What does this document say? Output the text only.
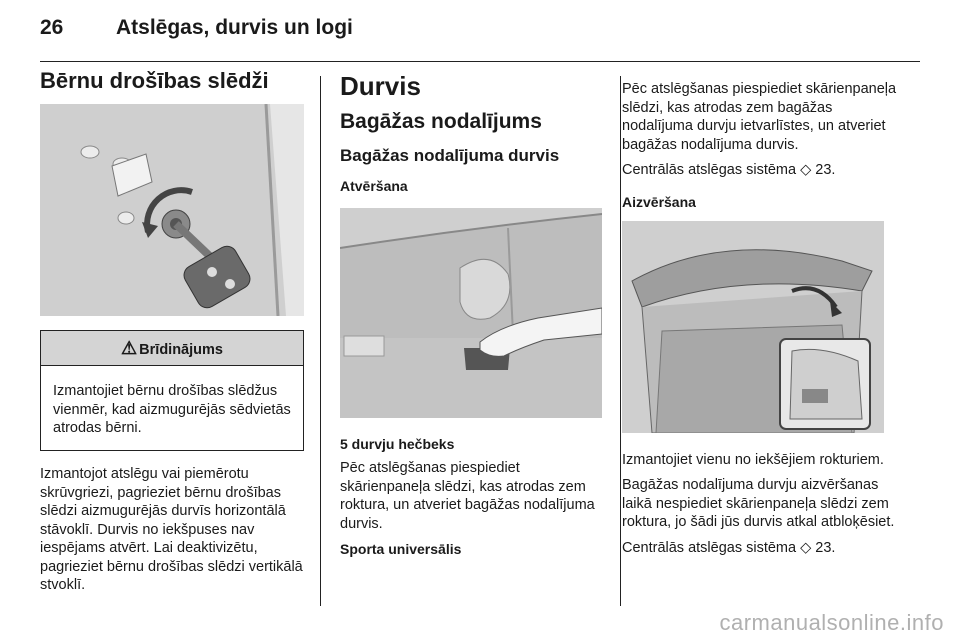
26	Atslēgas, durvis un logi
Bērnu drošības slēdži
⚠ Brīdinājums

Izmantojiet bērnu drošības slēdžus vienmēr, kad aizmugurējās sēdvietās atrodas bērni.

Izmantojot atslēgu vai piemērotu skrūvgriezi, pagrieziet bērnu drošības slēdzi aizmugurējās durvīs horizontālā stāvoklī. Durvis no iekšpuses nav iespējams atvērt. Lai deaktivizētu, pagrieziet bērnu drošības slēdzi vertikālā stvoklī.

Durvis
Bagāžas nodalījums
Bagāžas nodalījuma durvis
Atvēršana
5 durvju hečbeks

Pēc atslēgšanas piespiediet skārienpaneļa slēdzi, kas atrodas zem roktura, un atveriet bagāžas nodalījuma durvis.

Sporta universālis

Pēc atslēgšanas piespiediet skārienpaneļa slēdzi, kas atrodas zem bagāžas nodalījuma durvju ietvarlīstes, un atveriet bagāžas nodalījuma durvis.

Centrālās atslēgas sistēma ◇ 23.

Aizvēršana

Izmantojiet vienu no iekšējiem rokturiem.

Bagāžas nodalījuma durvju aizvēršanas laikā nespiediet skārienpaneļa slēdzi zem roktura, jo šādi jūs durvis atkal atbloķēsiet.

Centrālās atslēgas sistēma ◇ 23.

carmanualsonline.info
